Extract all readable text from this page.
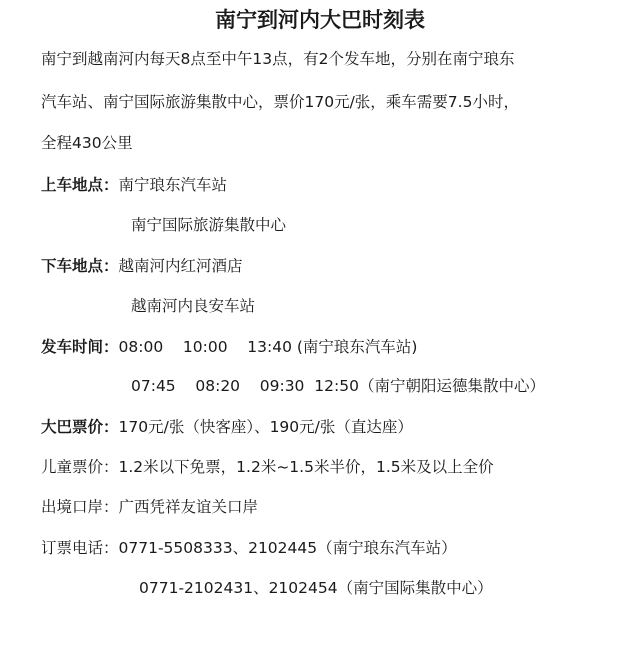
南宁到河内大巴时刻表
南宁到越南河内每天8点至中午13点，有2个发车地，分别在南宁琅东
汽车站、南宁国际旅游集散中心，票价170元/张，乘车需要7.5小时，
全程430公里
上车地点：南宁琅东汽车站
南宁国际旅游集散中心
下车地点：越南河内红河酒店
越南河内良安车站
发车时间：08:00    10:00    13:40 (南宁琅东汽车站)
07:45    08:20    09:30  12:50（南宁朝阳运德集散中心）
大巴票价：170元/张（快客座）、190元/张（直达座）
儿童票价：1.2米以下免票，1.2米~1.5米半价，1.5米及以上全价
出境口岸：广西凭祥友谊关口岸
订票电话：0771-5508333、2102445（南宁琅东汽车站）
0771-2102431、2102454（南宁国际集散中心）
